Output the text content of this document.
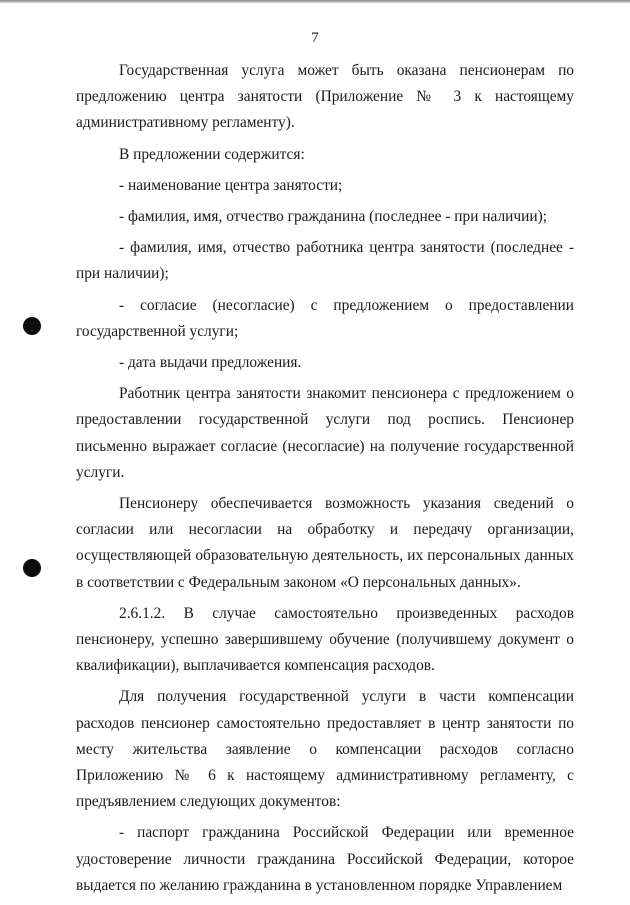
7

Государственная услуга может быть оказана пенсионерам по предложению центра занятости (Приложение № 3 к настоящему административному регламенту).

В предложении содержится:

- наименование центра занятости;

- фамилия, имя, отчество гражданина (последнее - при наличии);

- фамилия, имя, отчество работника центра занятости (последнее - при наличии);

- согласие (несогласие) с предложением о предоставлении государственной услуги;

- дата выдачи предложения.

Работник центра занятости знакомит пенсионера с предложением о предоставлении государственной услуги под роспись. Пенсионер письменно выражает согласие (несогласие) на получение государственной услуги.

Пенсионеру обеспечивается возможность указания сведений о согласии или несогласии на обработку и передачу организации, осуществляющей образовательную деятельность, их персональных данных в соответствии с Федеральным законом «О персональных данных».

2.6.1.2. В случае самостоятельно произведенных расходов пенсионеру, успешно завершившему обучение (получившему документ о квалификации), выплачивается компенсация расходов.

Для получения государственной услуги в части компенсации расходов пенсионер самостоятельно предоставляет в центр занятости по месту жительства заявление о компенсации расходов согласно Приложению № 6 к настоящему административному регламенту, с предъявлением следующих документов:

- паспорт гражданина Российской Федерации или временное удостоверение личности гражданина Российской Федерации, которое выдается по желанию гражданина в установленном порядке Управлением
